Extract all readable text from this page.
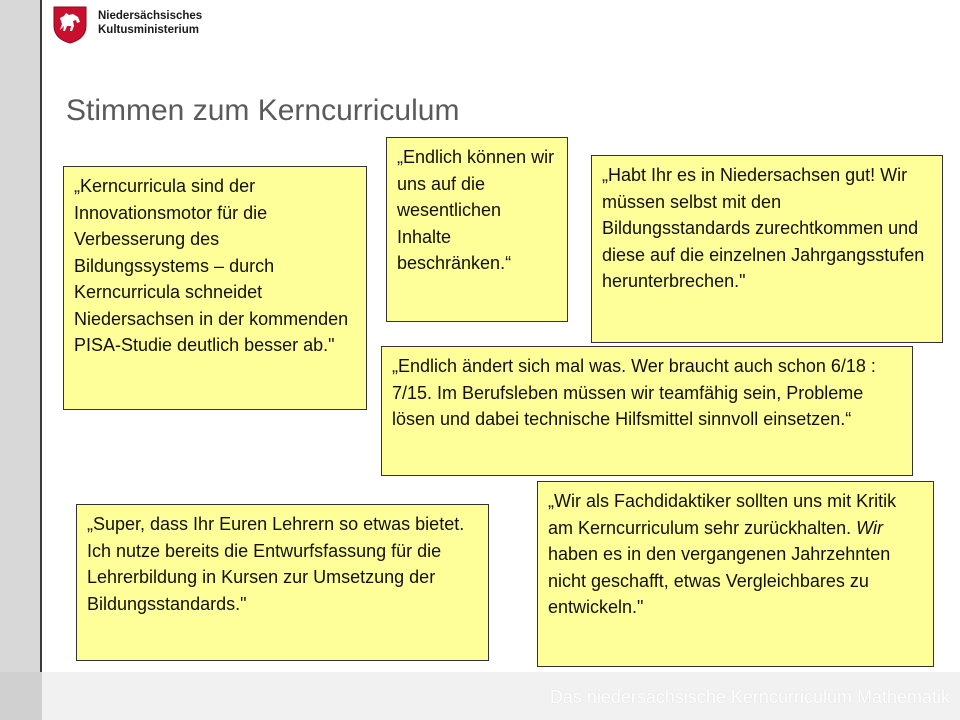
Niedersächsisches
Kultusministerium
Stimmen zum Kerncurriculum
„Kerncurricula sind der Innovationsmotor für die Verbesserung des Bildungssystems – durch Kerncurricula schneidet Niedersachsen in der kommenden PISA-Studie deutlich besser ab."
„Endlich können wir uns auf die wesentlichen Inhalte beschränken.“
„Habt Ihr es in Niedersachsen gut! Wir müssen selbst mit den Bildungsstandards zurechtkommen und diese auf die einzelnen Jahrgangsstufen herunterbrechen."
„Endlich ändert sich mal was. Wer braucht auch schon 6/18 : 7/15. Im Berufsleben müssen wir teamfähig sein, Probleme lösen und dabei technische Hilfsmittel sinnvoll einsetzen.“
„Super, dass Ihr Euren Lehrern so etwas bietet. Ich nutze bereits die Entwurfsfassung für die Lehrerbildung in Kursen zur Umsetzung der Bildungsstandards."
„Wir als Fachdidaktiker sollten uns mit Kritik am Kerncurriculum sehr zurückhalten. Wir haben es in den vergangenen Jahrzehnten nicht geschafft, etwas Vergleichbares zu entwickeln."
Das niedersächsische Kerncurriculum Mathematik
